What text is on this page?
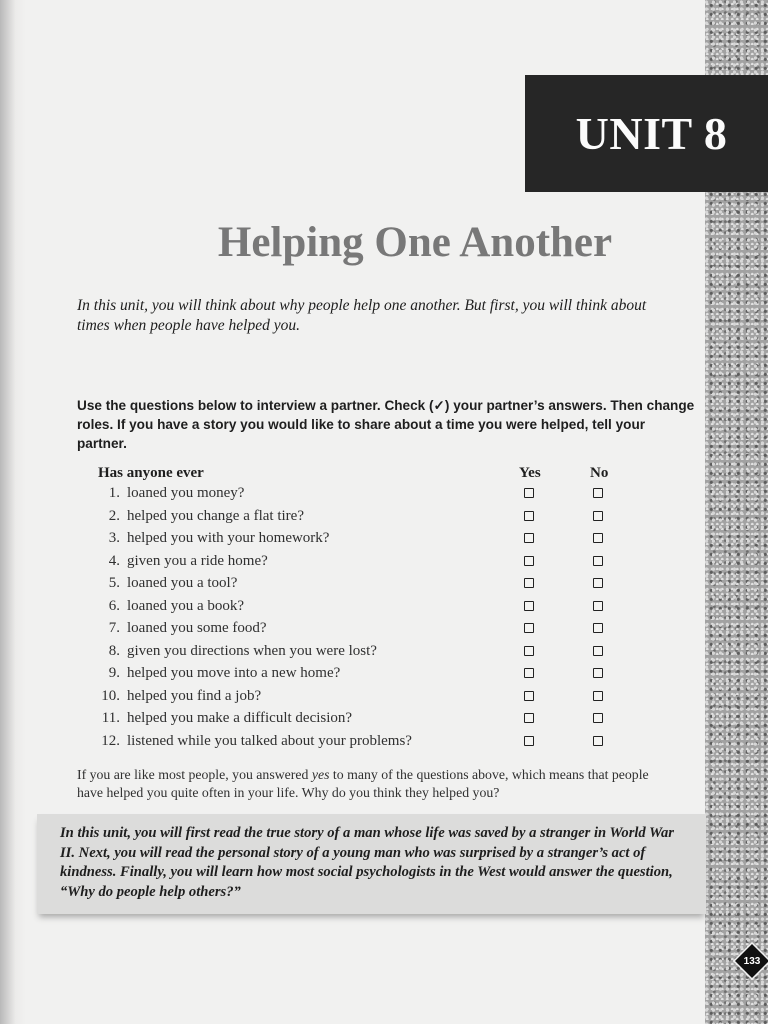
UNIT 8
Helping One Another

In this unit, you will think about why people help one another. But first, you will think about times when people have helped you.

Use the questions below to interview a partner. Check (✓) your partner’s answers. Then change roles. If you have a story you would like to share about a time you were helped, tell your partner.

Has anyone ever	Yes	No
1. loaned you money?
2. helped you change a flat tire?
3. helped you with your homework?
4. given you a ride home?
5. loaned you a tool?
6. loaned you a book?
7. loaned you some food?
8. given you directions when you were lost?
9. helped you move into a new home?
10. helped you find a job?
11. helped you make a difficult decision?
12. listened while you talked about your problems?

If you are like most people, you answered yes to many of the questions above, which means that people have helped you quite often in your life. Why do you think they helped you?

In this unit, you will first read the true story of a man whose life was saved by a stranger in World War II. Next, you will read the personal story of a young man who was surprised by a stranger’s act of kindness. Finally, you will learn how most social psychologists in the West would answer the question, “Why do people help others?”

133
